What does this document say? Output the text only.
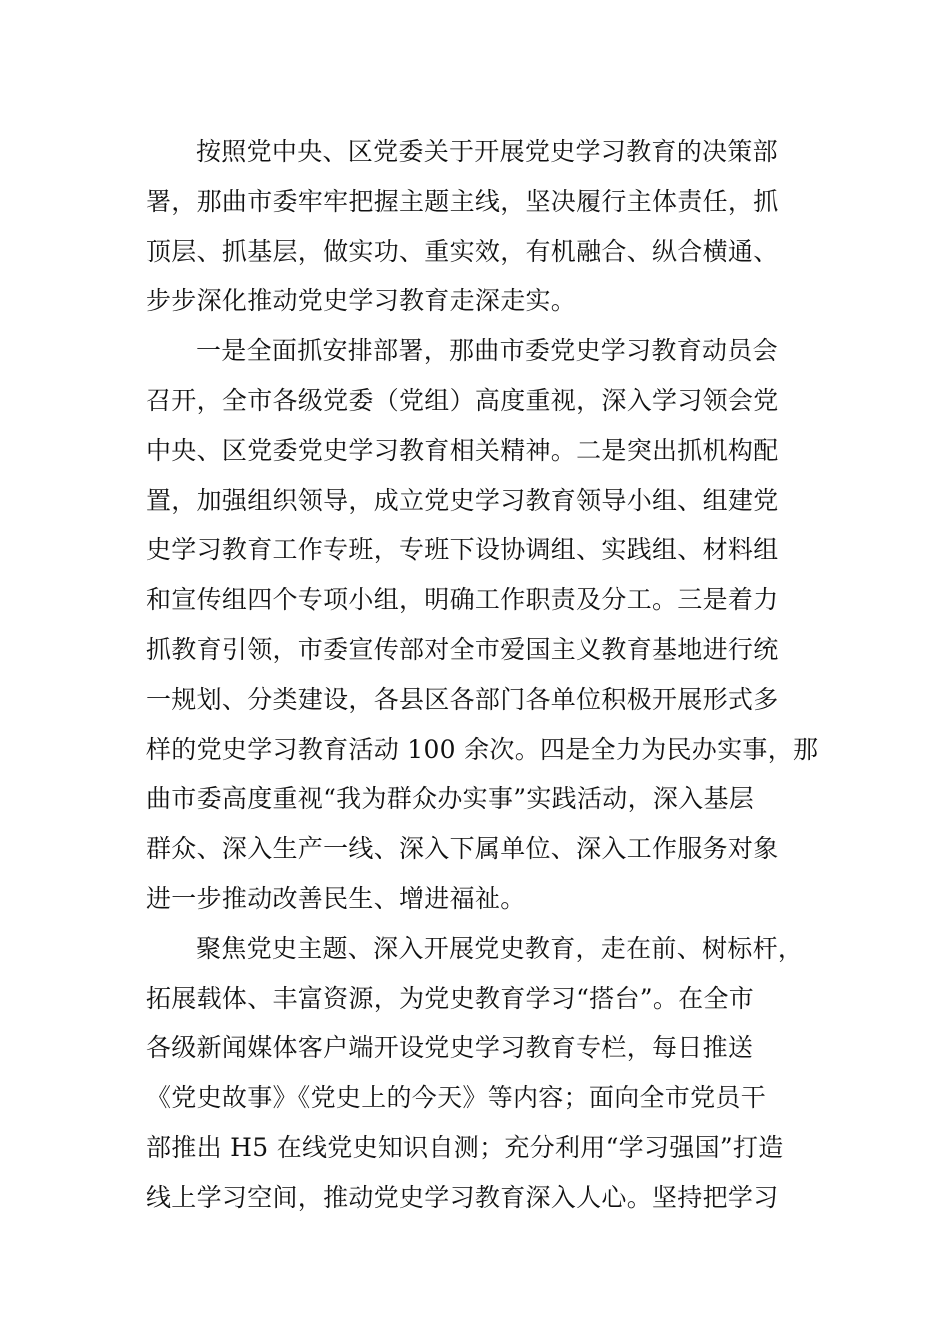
按照党中央、区党委关于开展党史学习教育的决策部
署，那曲市委牢牢把握主题主线，坚决履行主体责任，抓
顶层、抓基层，做实功、重实效，有机融合、纵合横通、
步步深化推动党史学习教育走深走实。

一是全面抓安排部署，那曲市委党史学习教育动员会
召开，全市各级党委（党组）高度重视，深入学习领会党
中央、区党委党史学习教育相关精神。二是突出抓机构配
置，加强组织领导，成立党史学习教育领导小组、组建党
史学习教育工作专班，专班下设协调组、实践组、材料组
和宣传组四个专项小组，明确工作职责及分工。三是着力
抓教育引领，市委宣传部对全市爱国主义教育基地进行统
一规划、分类建设，各县区各部门各单位积极开展形式多
样的党史学习教育活动 100 余次。四是全力为民办实事，那
曲市委高度重视“我为群众办实事”实践活动，深入基层
群众、深入生产一线、深入下属单位、深入工作服务对象
进一步推动改善民生、增进福祉。

聚焦党史主题、深入开展党史教育，走在前、树标杆，
拓展载体、丰富资源，为党史教育学习“搭台”。在全市
各级新闻媒体客户端开设党史学习教育专栏，每日推送
《党史故事》《党史上的今天》等内容；面向全市党员干
部推出 H5 在线党史知识自测；充分利用“学习强国”打造
线上学习空间，推动党史学习教育深入人心。坚持把学习
